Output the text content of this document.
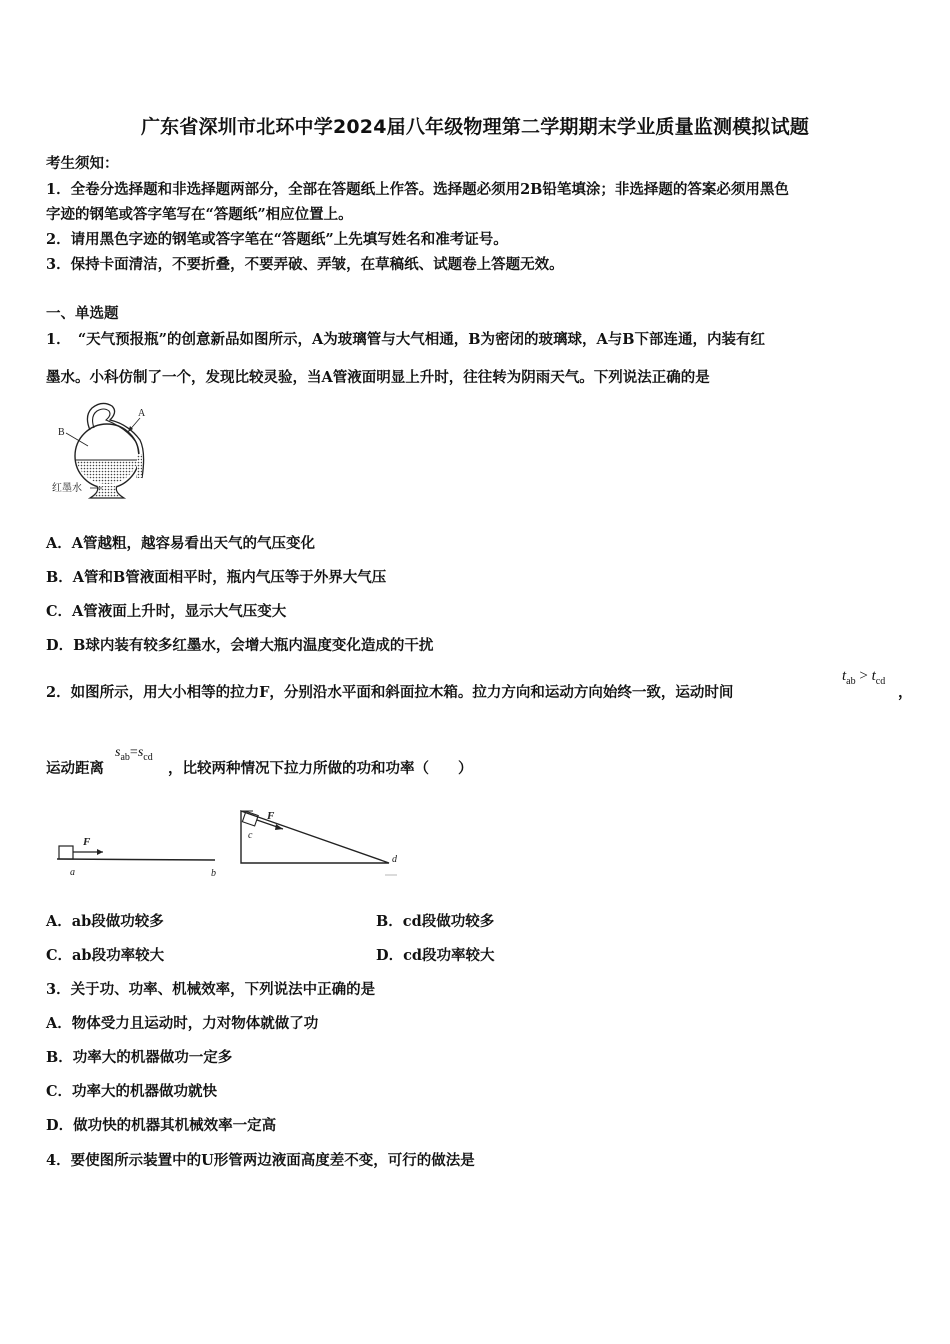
广东省深圳市北环中学2024届八年级物理第二学期期末学业质量监测模拟试题
考生须知：
1．全卷分选择题和非选择题两部分，全部在答题纸上作答。选择题必须用2B铅笔填涂；非选择题的答案必须用黑色
字迹的钢笔或答字笔写在“答题纸”相应位置上。
2．请用黑色字迹的钢笔或答字笔在“答题纸”上先填写姓名和准考证号。
3．保持卡面清洁，不要折叠，不要弄破、弄皱，在草稿纸、试题卷上答题无效。
一、单选题
1．　“天气预报瓶”的创意新品如图所示，A为玻璃管与大气相通，B为密闭的玻璃球，A与B下部连通，内装有红
墨水。小科仿制了一个，发现比较灵验，当A管液面明显上升时，往往转为阴雨天气。下列说法正确的是
B
A
红墨水
A．A管越粗，越容易看出天气的气压变化
B．A管和B管液面相平时，瓶内气压等于外界大气压
C．A管液面上升时，显示大气压变大
D．B球内装有较多红墨水，会增大瓶内温度变化造成的干扰
2．如图所示，用大小相等的拉力F，分别沿水平面和斜面拉木箱。拉力方向和运动方向始终一致，运动时间
$t_{ab} > t_{cd}$
，
运动距离
$s_{ab}=s_{cd}$
，比较两种情况下拉力所做的功和功率（　　）
F
a	b
F
c
d
A．ab段做功较多	B．cd段做功较多
C．ab段功率较大	D．cd段功率较大
3．关于功、功率、机械效率，下列说法中正确的是
A．物体受力且运动时，力对物体就做了功
B．功率大的机器做功一定多
C．功率大的机器做功就快
D．做功快的机器其机械效率一定高
4．要使图所示装置中的U形管两边液面高度差不变，可行的做法是
